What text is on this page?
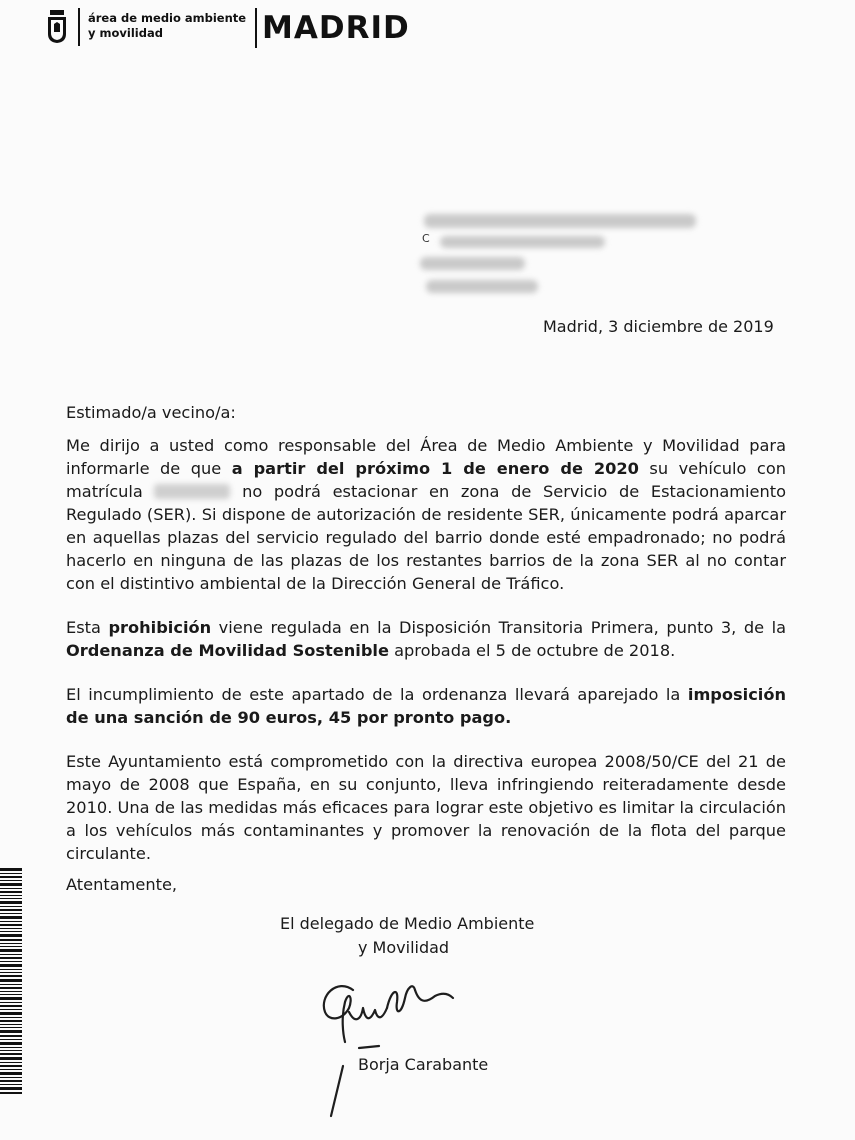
área de medio ambiente
y movilidad	MADRID
C
Madrid, 3 diciembre de 2019

Estimado/a vecino/a:

Me dirijo a usted como responsable del Área de Medio Ambiente y Movilidad para informarle de que a partir del próximo 1 de enero de 2020 su vehículo con matrícula	no podrá estacionar en zona de Servicio de Estacionamiento Regulado (SER). Si dispone de autorización de residente SER, únicamente podrá aparcar en aquellas plazas del servicio regulado del barrio donde esté empadronado; no podrá hacerlo en ninguna de las plazas de los restantes barrios de la zona SER al no contar con el distintivo ambiental de la Dirección General de Tráfico.

Esta prohibición viene regulada en la Disposición Transitoria Primera, punto 3, de la Ordenanza de Movilidad Sostenible aprobada el 5 de octubre de 2018.

El incumplimiento de este apartado de la ordenanza llevará aparejado la imposición de una sanción de 90 euros, 45 por pronto pago.

Este Ayuntamiento está comprometido con la directiva europea 2008/50/CE del 21 de mayo de 2008 que España, en su conjunto, lleva infringiendo reiteradamente desde 2010. Una de las medidas más eficaces para lograr este objetivo es limitar la circulación a los vehículos más contaminantes y promover la renovación de la flota del parque circulante.

Atentamente,

El delegado de Medio Ambiente
y Movilidad
Borja Carabante
